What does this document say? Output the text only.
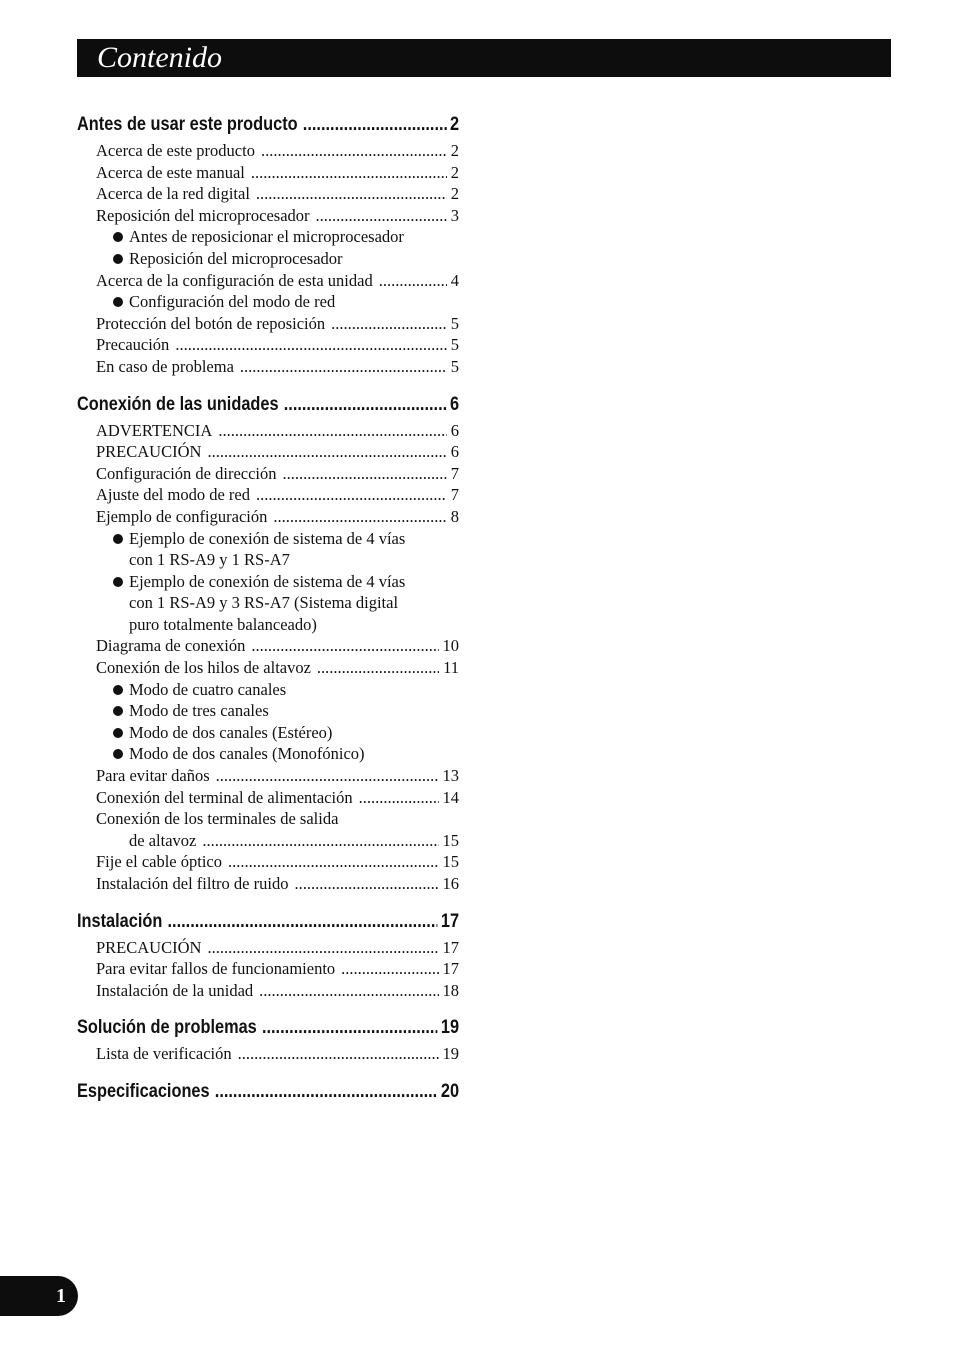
Contenido
Antes de usar este producto .....	2
Acerca de este producto .....	2
Acerca de este manual .....	2
Acerca de la red digital .....	2
Reposición del microprocesador .....	3
Antes de reposicionar el microprocesador
Reposición del microprocesador
Acerca de la configuración de esta unidad .....	4
Configuración del modo de red
Protección del botón de reposición .....	5
Precaución .....	5
En caso de problema .....	5
Conexión de las unidades .....	6
ADVERTENCIA .....	6
PRECAUCIÓN .....	6
Configuración de dirección .....	7
Ajuste del modo de red .....	7
Ejemplo de configuración .....	8
Ejemplo de conexión de sistema de 4 vías
con 1 RS-A9 y 1 RS-A7
Ejemplo de conexión de sistema de 4 vías
con 1 RS-A9 y 3 RS-A7 (Sistema digital
puro totalmente balanceado)
Diagrama de conexión .....	10
Conexión de los hilos de altavoz .....	11
Modo de cuatro canales
Modo de tres canales
Modo de dos canales (Estéreo)
Modo de dos canales (Monofónico)
Para evitar daños .....	13
Conexión del terminal de alimentación .....	14
Conexión de los terminales de salida
de altavoz .....	15
Fije el cable óptico .....	15
Instalación del filtro de ruido .....	16
Instalación .....	17
PRECAUCIÓN .....	17
Para evitar fallos de funcionamiento .....	17
Instalación de la unidad .....	18
Solución de problemas .....	19
Lista de verificación .....	19
Especificaciones .....	20
1
